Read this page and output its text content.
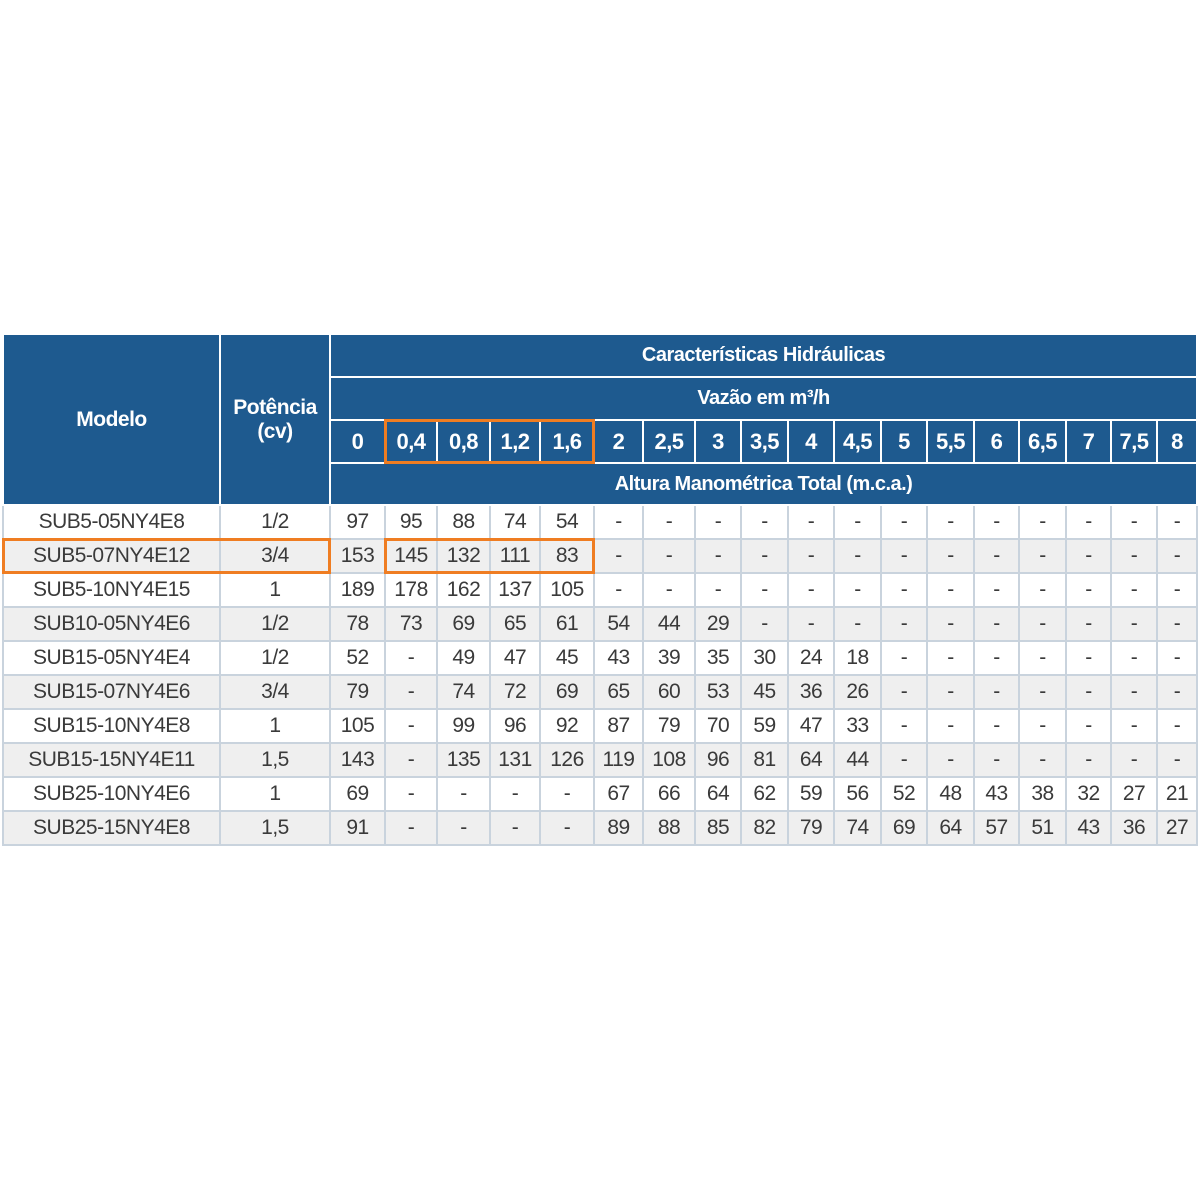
Modelo	Potência
(cv)	Características Hidráulicas																	
		Vazão em m³/h																	
		0	0,4	0,8	1,2	1,6	2	2,5	3	3,5	4	4,5	5	5,5	6	6,5	7	7,5	8
		Altura Manométrica Total (m.c.a.)																	
SUB5-05NY4E8	1/2	97	95	88	74	54	-	-	-	-	-	-	-	-	-	-	-	-	-
SUB5-07NY4E12	3/4	153	145	132	111	83	-	-	-	-	-	-	-	-	-	-	-	-	-
SUB5-10NY4E15	1	189	178	162	137	105	-	-	-	-	-	-	-	-	-	-	-	-	-
SUB10-05NY4E6	1/2	78	73	69	65	61	54	44	29	-	-	-	-	-	-	-	-	-	-
SUB15-05NY4E4	1/2	52	-	49	47	45	43	39	35	30	24	18	-	-	-	-	-	-	-
SUB15-07NY4E6	3/4	79	-	74	72	69	65	60	53	45	36	26	-	-	-	-	-	-	-
SUB15-10NY4E8	1	105	-	99	96	92	87	79	70	59	47	33	-	-	-	-	-	-	-
SUB15-15NY4E11	1,5	143	-	135	131	126	119	108	96	81	64	44	-	-	-	-	-	-	-
SUB25-10NY4E6	1	69	-	-	-	-	67	66	64	62	59	56	52	48	43	38	32	27	21
SUB25-15NY4E8	1,5	91	-	-	-	-	89	88	85	82	79	74	69	64	57	51	43	36	27
